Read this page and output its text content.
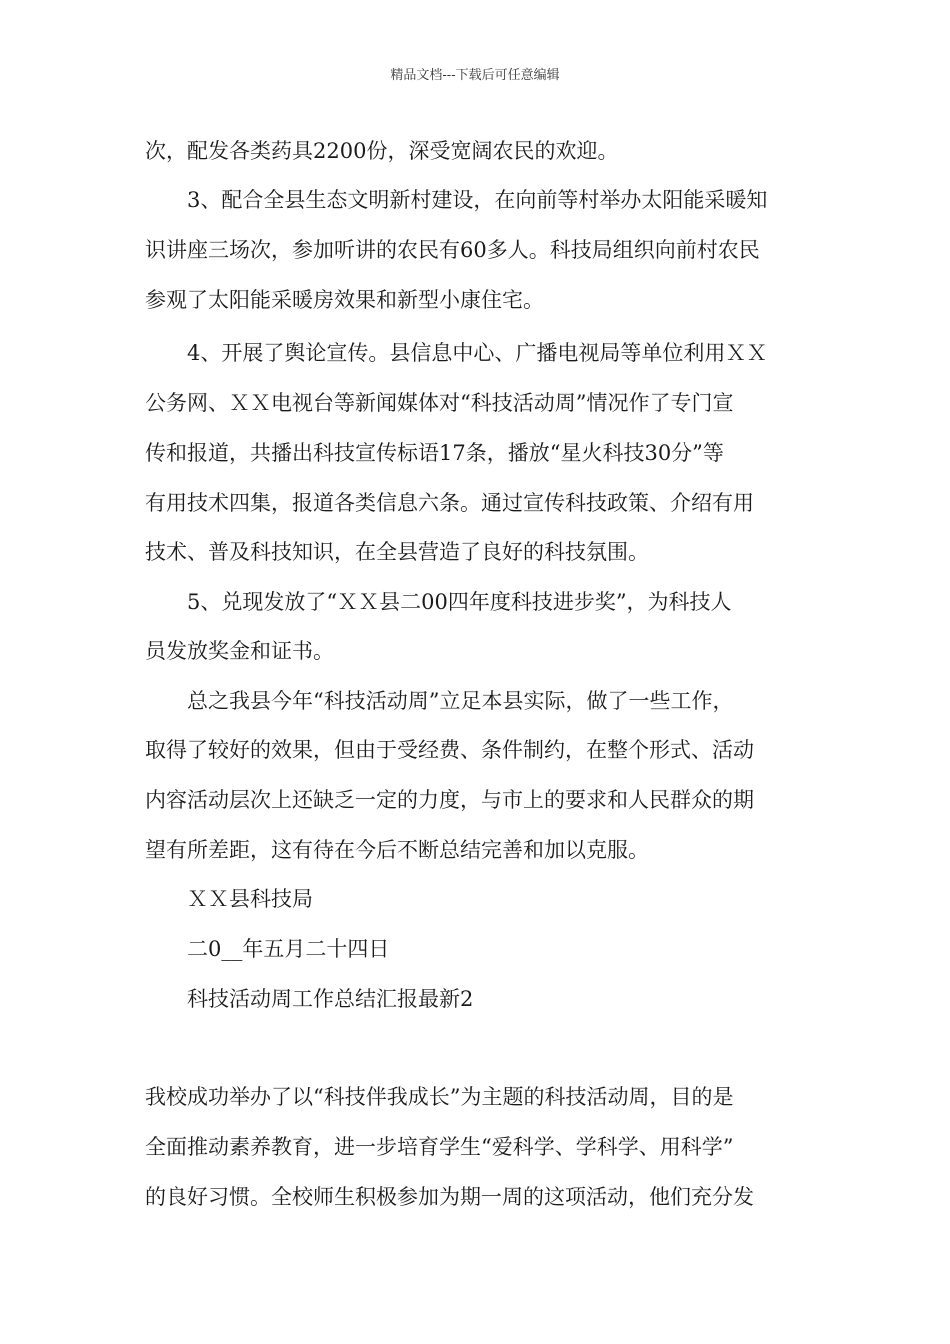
精品文档---下载后可任意编辑
次，配发各类药具2200份，深受宽阔农民的欢迎。
　　3、配合全县生态文明新村建设，在向前等村举办太阳能采暖知
识讲座三场次，参加听讲的农民有60多人。科技局组织向前村农民
参观了太阳能采暖房效果和新型小康住宅。
　　4、开展了舆论宣传。县信息中心、广播电视局等单位利用ＸＸ
公务网、ＸＸ电视台等新闻媒体对“科技活动周”情况作了专门宣
传和报道，共播出科技宣传标语17条，播放“星火科技30分”等
有用技术四集，报道各类信息六条。通过宣传科技政策、介绍有用
技术、普及科技知识，在全县营造了良好的科技氛围。
　　5、兑现发放了“ＸＸ县二00四年度科技进步奖”，为科技人
员发放奖金和证书。
　　总之我县今年“科技活动周”立足本县实际，做了一些工作，
取得了较好的效果，但由于受经费、条件制约，在整个形式、活动
内容活动层次上还缺乏一定的力度，与市上的要求和人民群众的期
望有所差距，这有待在今后不断总结完善和加以克服。
　　ＸＸ县科技局
　　二0__年五月二十四日
　　科技活动周工作总结汇报最新2
我校成功举办了以“科技伴我成长”为主题的科技活动周，目的是
全面推动素养教育，进一步培育学生“爱科学、学科学、用科学”
的良好习惯。全校师生积极参加为期一周的这项活动，他们充分发
